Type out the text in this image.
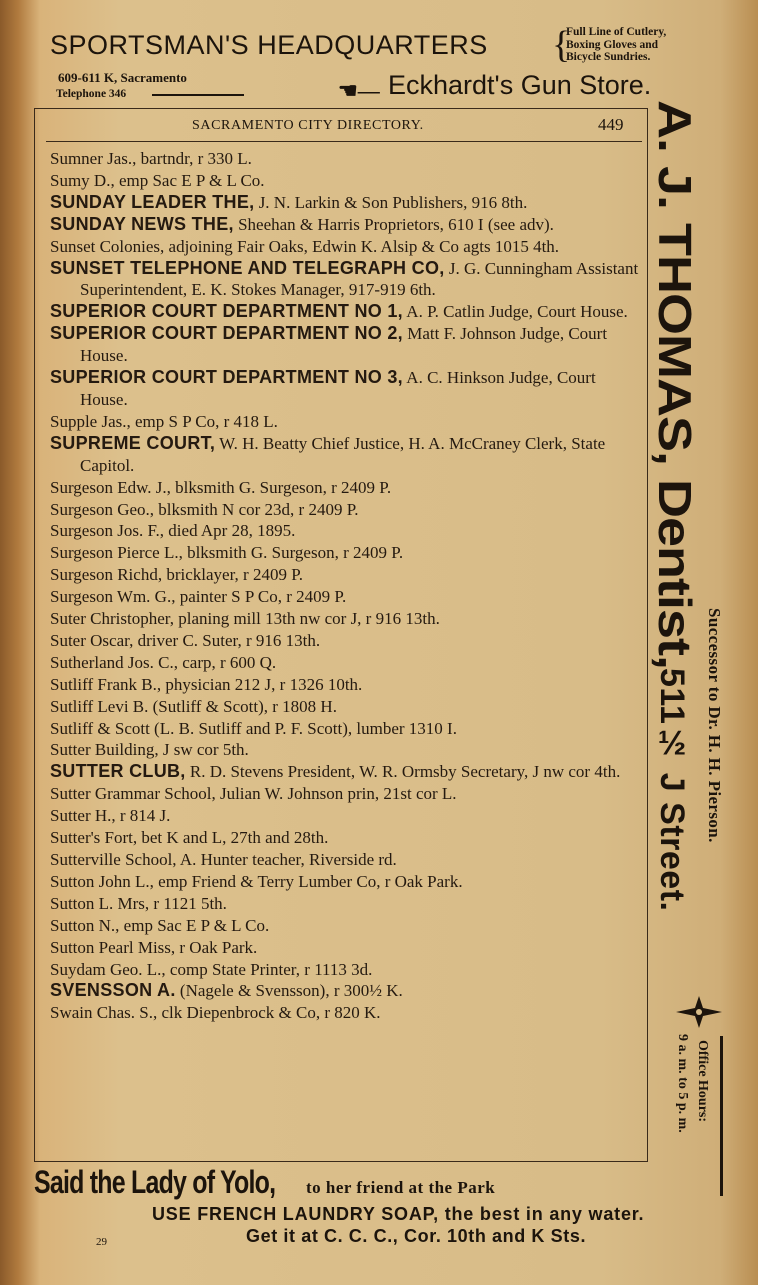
SPORTSMAN'S HEADQUARTERS {
Full Line of Cutlery,
Boxing Gloves and
Bicycle Sundries.
609-611 K, Sacramento
Telephone 346	☚— Eckhardt's Gun Store.
SACRAMENTO CITY DIRECTORY.	449
Sumner Jas., bartndr, r 330 L.
Sumy D., emp Sac E P & L Co.
SUNDAY LEADER THE, J. N. Larkin & Son Publishers, 916 8th.
SUNDAY NEWS THE, Sheehan & Harris Proprietors, 610 I (see adv).
Sunset Colonies, adjoining Fair Oaks, Edwin K. Alsip & Co agts 1015 4th.
SUNSET TELEPHONE AND TELEGRAPH CO, J. G. Cunningham Assistant Superintendent, E. K. Stokes Manager, 917-919 6th.
SUPERIOR COURT DEPARTMENT NO 1, A. P. Catlin Judge, Court House.
SUPERIOR COURT DEPARTMENT NO 2, Matt F. Johnson Judge, Court House.
SUPERIOR COURT DEPARTMENT NO 3, A. C. Hinkson Judge, Court House.
Supple Jas., emp S P Co, r 418 L.
SUPREME COURT, W. H. Beatty Chief Justice, H. A. McCraney Clerk, State Capitol.
Surgeson Edw. J., blksmith G. Surgeson, r 2409 P.
Surgeson Geo., blksmith N cor 23d, r 2409 P.
Surgeson Jos. F., died Apr 28, 1895.
Surgeson Pierce L., blksmith G. Surgeson, r 2409 P.
Surgeson Richd, bricklayer, r 2409 P.
Surgeson Wm. G., painter S P Co, r 2409 P.
Suter Christopher, planing mill 13th nw cor J, r 916 13th.
Suter Oscar, driver C. Suter, r 916 13th.
Sutherland Jos. C., carp, r 600 Q.
Sutliff Frank B., physician 212 J, r 1326 10th.
Sutliff Levi B. (Sutliff & Scott), r 1808 H.
Sutliff & Scott (L. B. Sutliff and P. F. Scott), lumber 1310 I.
Sutter Building, J sw cor 5th.
SUTTER CLUB, R. D. Stevens President, W. R. Ormsby Secretary, J nw cor 4th.
Sutter Grammar School, Julian W. Johnson prin, 21st cor L.
Sutter H., r 814 J.
Sutter's Fort, bet K and L, 27th and 28th.
Sutterville School, A. Hunter teacher, Riverside rd.
Sutton John L., emp Friend & Terry Lumber Co, r Oak Park.
Sutton L. Mrs, r 1121 5th.
Sutton N., emp Sac E P & L Co.
Sutton Pearl Miss, r Oak Park.
Suydam Geo. L., comp State Printer, r 1113 3d.
SVENSSON A. (Nagele & Svensson), r 300½ K.
Swain Chas. S., clk Diepenbrock & Co, r 820 K.
A. J. THOMAS, Dentist,
Successor to Dr. H. H. Pierson.
511½ J Street.
Office Hours:
9 a. m. to 5 p. m.
Said the Lady of Yolo,	to her friend at the Park
USE FRENCH LAUNDRY SOAP, the best in any water.
29	Get it at C. C. C., Cor. 10th and K Sts.
